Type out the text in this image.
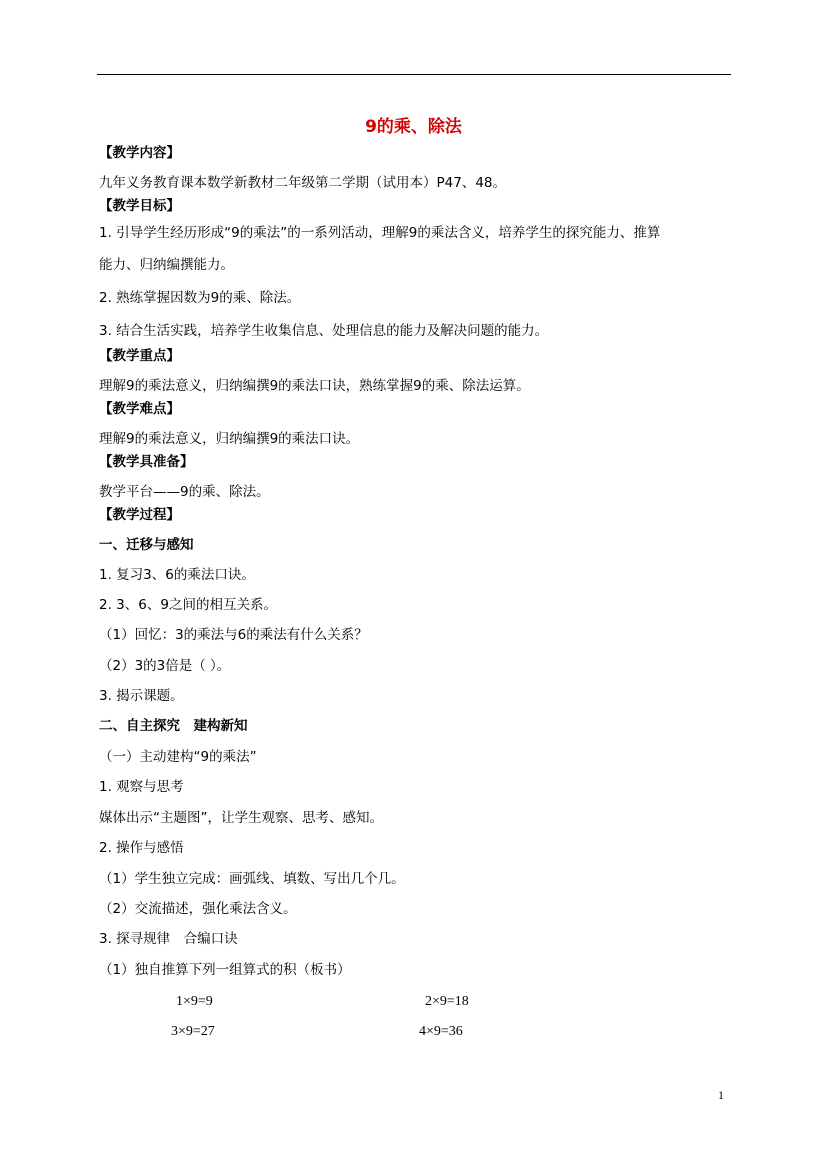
9的乘、除法
【教学内容】
九年义务教育课本数学新教材二年级第二学期（试用本）P47、48。
【教学目标】
1. 引导学生经历形成“9的乘法”的一系列活动，理解9的乘法含义，培养学生的探究能力、推算
能力、归纳编撰能力。
2. 熟练掌握因数为9的乘、除法。
3. 结合生活实践，培养学生收集信息、处理信息的能力及解决问题的能力。
【教学重点】
理解9的乘法意义，归纳编撰9的乘法口诀，熟练掌握9的乘、除法运算。
【教学难点】
理解9的乘法意义，归纳编撰9的乘法口诀。
【教学具准备】
教学平台——9的乘、除法。
【教学过程】
一、迁移与感知
1. 复习3、6的乘法口诀。
2. 3、6、9之间的相互关系。
（1）回忆：3的乘法与6的乘法有什么关系？
（2）3的3倍是（ ）。
3. 揭示课题。
二、自主探究　建构新知
（一）主动建构“9的乘法”
1. 观察与思考
媒体出示“主题图”，让学生观察、思考、感知。
2. 操作与感悟
（1）学生独立完成：画弧线、填数、写出几个几。
（2）交流描述，强化乘法含义。
3. 探寻规律　合编口诀
（1）独自推算下列一组算式的积（板书）
1×9=9	2×9=18
3×9=27	4×9=36
1
